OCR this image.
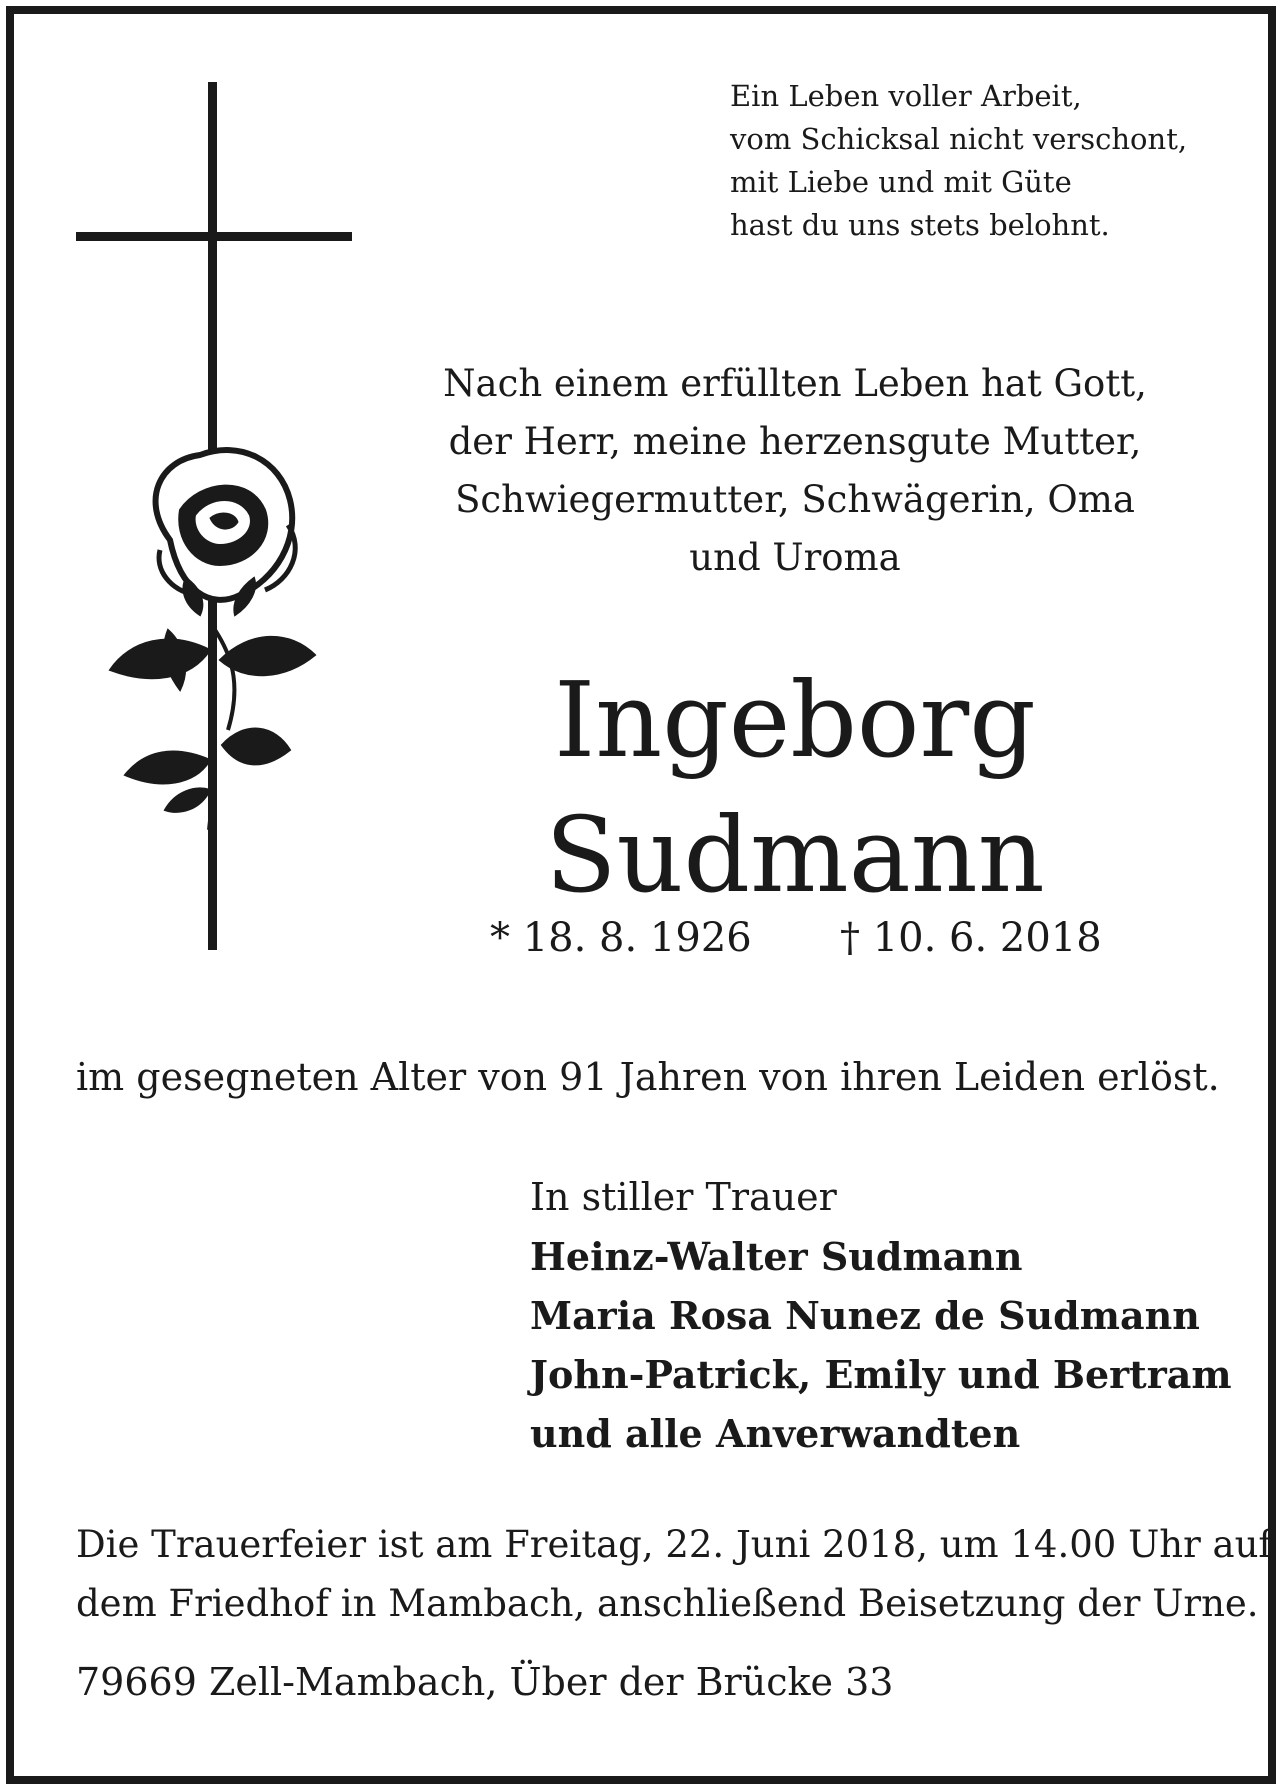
Ein Leben voller Arbeit,
vom Schicksal nicht verschont,
mit Liebe und mit Güte
hast du uns stets belohnt.
Nach einem erfüllten Leben hat Gott,
der Herr, meine herzensgute Mutter,
Schwiegermutter, Schwägerin, Oma
und Uroma
Ingeborg
Sudmann
* 18. 8. 1926 † 10. 6. 2018
im gesegneten Alter von 91 Jahren von ihren Leiden erlöst.
In stiller Trauer
Heinz-Walter Sudmann
Maria Rosa Nunez de Sudmann
John-Patrick, Emily und Bertram
und alle Anverwandten
Die Trauerfeier ist am Freitag, 22. Juni 2018, um 14.00 Uhr auf
dem Friedhof in Mambach, anschließend Beisetzung der Urne.
79669 Zell-Mambach, Über der Brücke 33
